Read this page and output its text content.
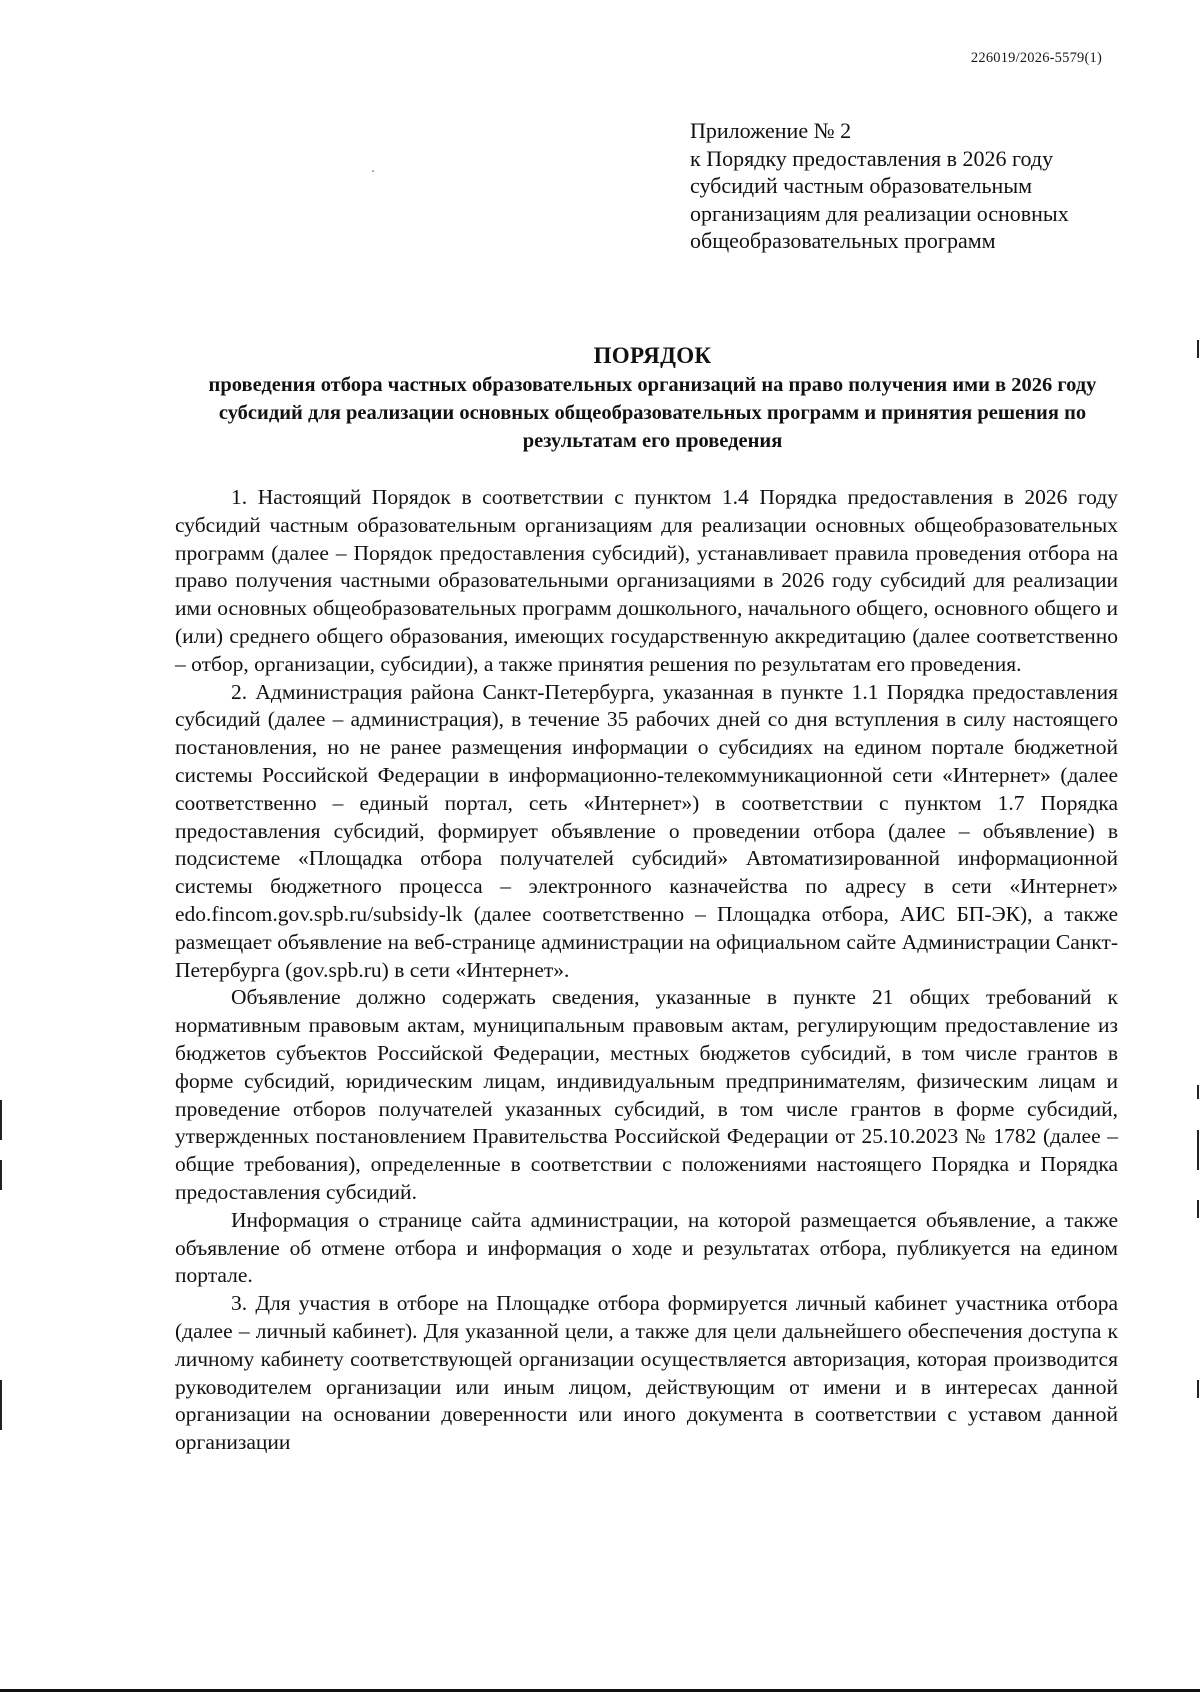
226019/2026-5579(1)
Приложение № 2
к Порядку предоставления в 2026 году
субсидий частным образовательным
организациям для реализации основных
общеобразовательных программ
ПОРЯДОК
проведения отбора частных образовательных организаций на право получения ими в 2026 году субсидий для реализации основных общеобразовательных программ и принятия решения по результатам его проведения

1. Настоящий Порядок в соответствии с пунктом 1.4 Порядка предоставления в 2026 году субсидий частным образовательным организациям для реализации основных общеобразовательных программ (далее – Порядок предоставления субсидий), устанавливает правила проведения отбора на право получения частными образовательными организациями в 2026 году субсидий для реализации ими основных общеобразовательных программ дошкольного, начального общего, основного общего и (или) среднего общего образования, имеющих государственную аккредитацию (далее соответственно – отбор, организации, субсидии), а также принятия решения по результатам его проведения.

2. Администрация района Санкт-Петербурга, указанная в пункте 1.1 Порядка предоставления субсидий (далее – администрация), в течение 35 рабочих дней со дня вступления в силу настоящего постановления, но не ранее размещения информации о субсидиях на едином портале бюджетной системы Российской Федерации в информационно-телекоммуникационной сети «Интернет» (далее соответственно – единый портал, сеть «Интернет») в соответствии с пунктом 1.7 Порядка предоставления субсидий, формирует объявление о проведении отбора (далее – объявление) в подсистеме «Площадка отбора получателей субсидий» Автоматизированной информационной системы бюджетного процесса – электронного казначейства по адресу в сети «Интернет» edo.fincom.gov.spb.ru/subsidy-lk (далее соответственно – Площадка отбора, АИС БП-ЭК), а также размещает объявление на веб-странице администрации на официальном сайте Администрации Санкт-Петербурга (gov.spb.ru) в сети «Интернет».

Объявление должно содержать сведения, указанные в пункте 21 общих требований к нормативным правовым актам, муниципальным правовым актам, регулирующим предоставление из бюджетов субъектов Российской Федерации, местных бюджетов субсидий, в том числе грантов в форме субсидий, юридическим лицам, индивидуальным предпринимателям, физическим лицам и проведение отборов получателей указанных субсидий, в том числе грантов в форме субсидий, утвержденных постановлением Правительства Российской Федерации от 25.10.2023 № 1782 (далее – общие требования), определенные в соответствии с положениями настоящего Порядка и Порядка предоставления субсидий.

Информация о странице сайта администрации, на которой размещается объявление, а также объявление об отмене отбора и информация о ходе и результатах отбора, публикуется на едином портале.

3. Для участия в отборе на Площадке отбора формируется личный кабинет участника отбора (далее – личный кабинет). Для указанной цели, а также для цели дальнейшего обеспечения доступа к личному кабинету соответствующей организации осуществляется авторизация, которая производится руководителем организации или иным лицом, действующим от имени и в интересах данной организации на основании доверенности или иного документа в соответствии с уставом данной организации
